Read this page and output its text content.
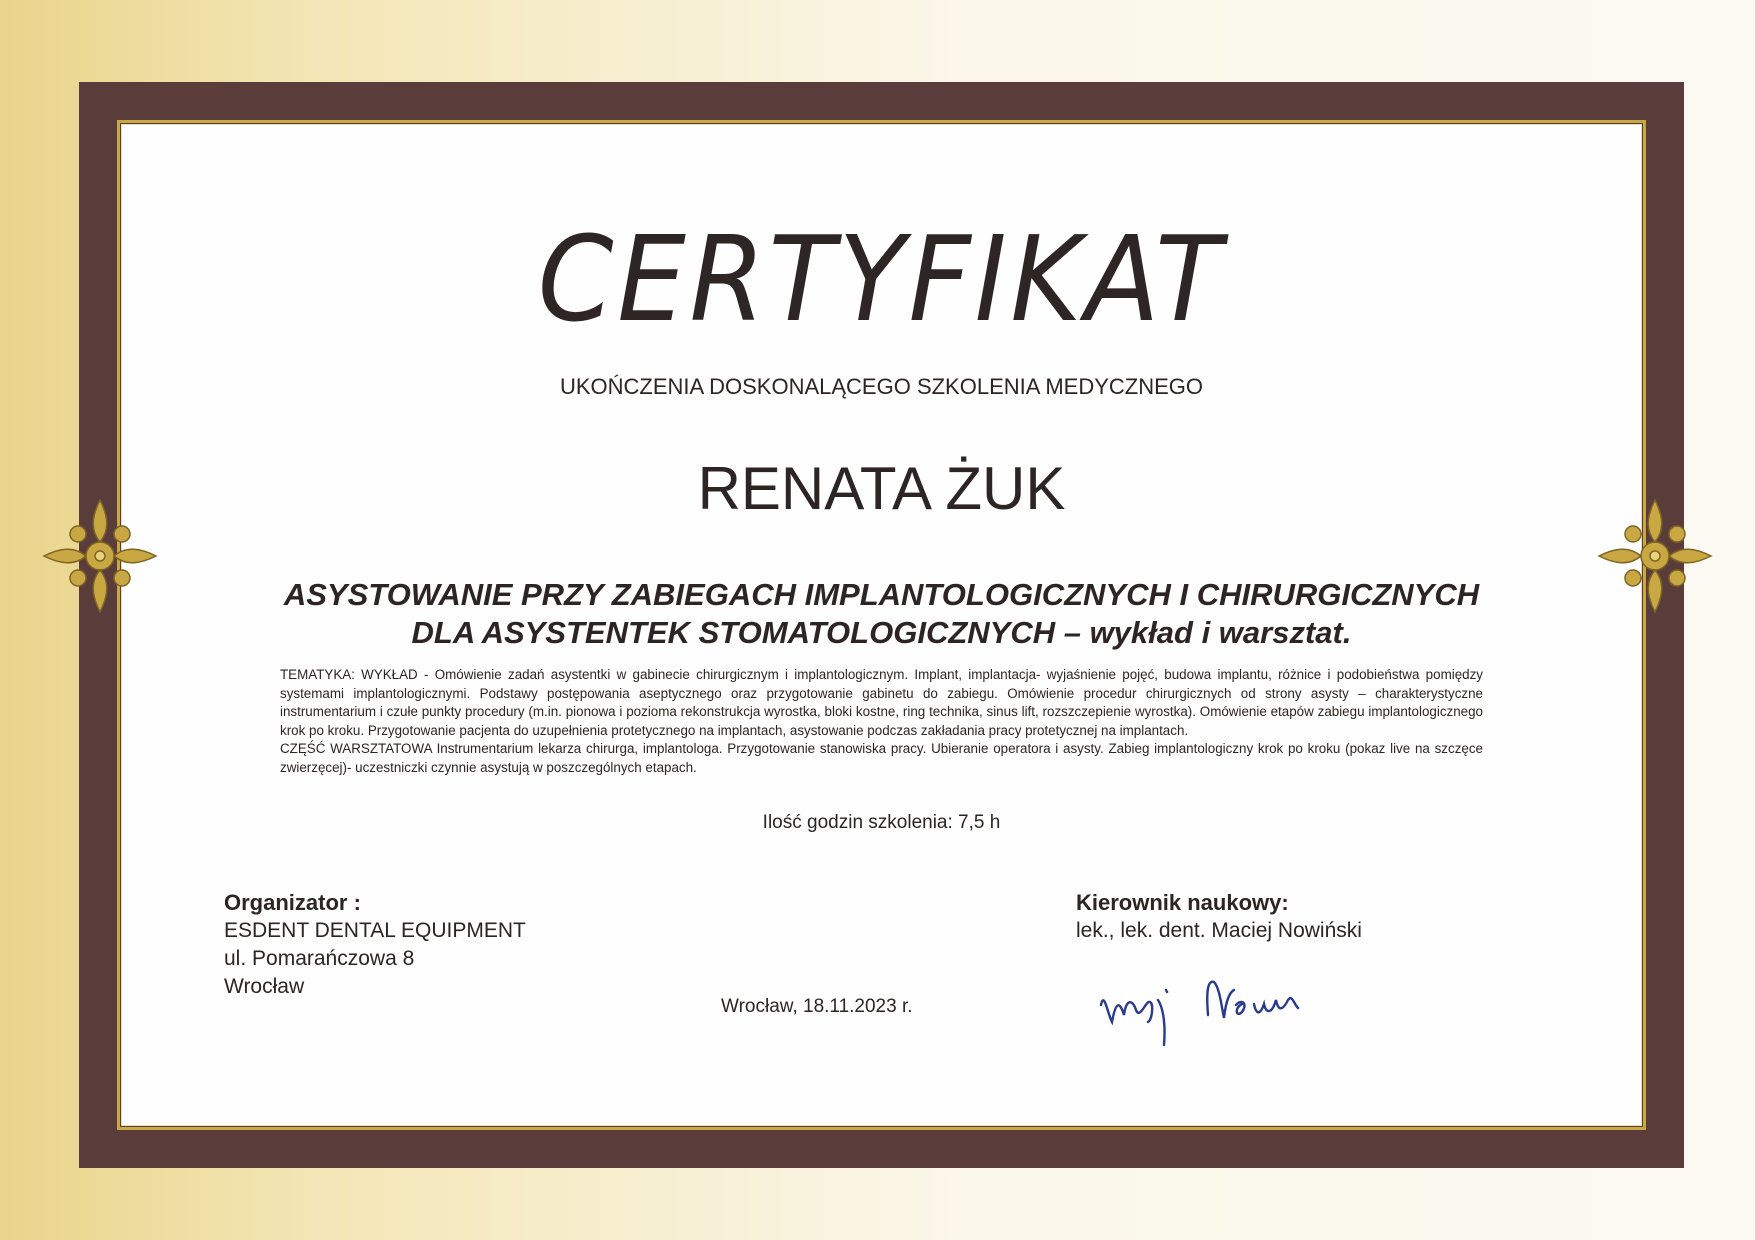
CERTYFIKAT
UKOŃCZENIA DOSKONALĄCEGO SZKOLENIA MEDYCZNEGO
RENATA ŻUK
ASYSTOWANIE PRZY ZABIEGACH IMPLANTOLOGICZNYCH I CHIRURGICZNYCH
DLA ASYSTENTEK STOMATOLOGICZNYCH – wykład i warsztat.

TEMATYKA: WYKŁAD - Omówienie zadań asystentki w gabinecie chirurgicznym i implantologicznym. Implant, implantacja- wyjaśnienie pojęć, budowa implantu, różnice i podobieństwa pomiędzy systemami implantologicznymi. Podstawy postępowania aseptycznego oraz przygotowanie gabinetu do zabiegu. Omówienie procedur chirurgicznych od strony asysty – charakterystyczne instrumentarium i czułe punkty procedury (m.in. pionowa i pozioma rekonstrukcja wyrostka, bloki kostne, ring technika, sinus lift, rozszczepienie wyrostka). Omówienie etapów zabiegu implantologicznego krok po kroku. Przygotowanie pacjenta do uzupełnienia protetycznego na implantach, asystowanie podczas zakładania pracy protetycznej na implantach.

CZĘŚĆ WARSZTATOWA Instrumentarium lekarza chirurga, implantologa. Przygotowanie stanowiska pracy. Ubieranie operatora i asysty. Zabieg implantologiczny krok po kroku (pokaz live na szczęce zwierzęcej)- uczestniczki czynnie asystują w poszczególnych etapach.

Ilość godzin szkolenia: 7,5 h
Organizator :
ESDENT DENTAL EQUIPMENT
ul. Pomarańczowa 8
Wrocław
Kierownik naukowy:
lek., lek. dent. Maciej Nowiński
Wrocław, 18.11.2023 r.
